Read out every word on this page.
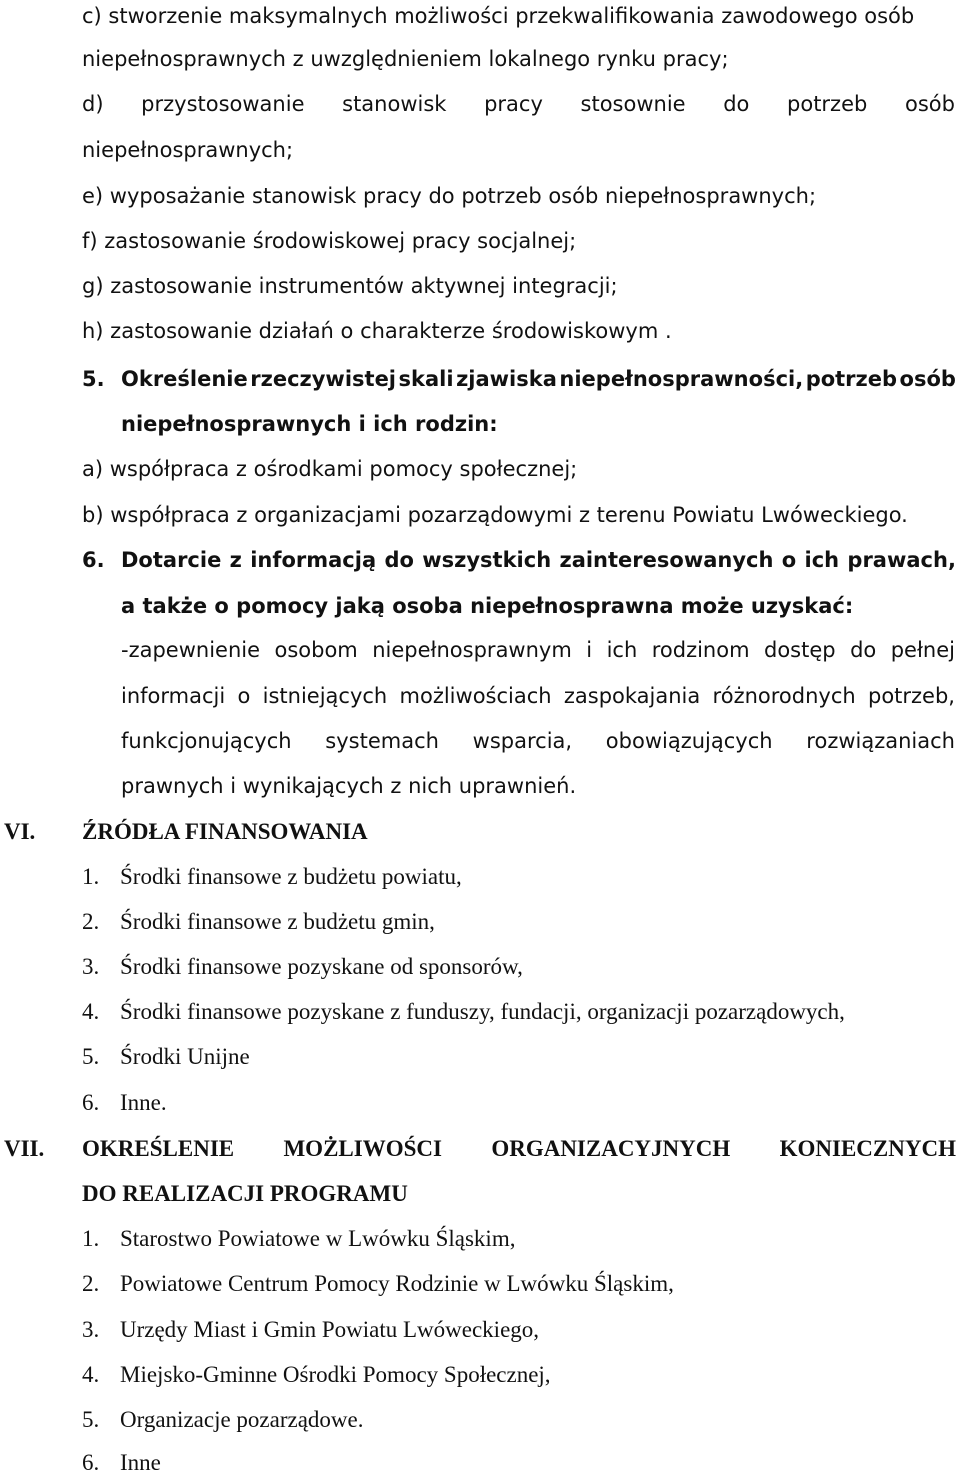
c) stworzenie maksymalnych możliwości przekwalifikowania zawodowego osób
niepełnosprawnych z uwzględnieniem lokalnego rynku pracy;
d) przystosowanie stanowisk pracy stosownie do potrzeb osób
niepełnosprawnych;
e) wyposażanie stanowisk pracy do potrzeb osób niepełnosprawnych;
f) zastosowanie środowiskowej pracy socjalnej;
g) zastosowanie instrumentów aktywnej integracji;
h) zastosowanie działań o charakterze środowiskowym .
5. Określenie rzeczywistej skali zjawiska niepełnosprawności, potrzeb osób
niepełnosprawnych i ich rodzin:
a) współpraca z ośrodkami pomocy społecznej;
b) współpraca z organizacjami pozarządowymi z terenu Powiatu Lwóweckiego.
6. Dotarcie z informacją do wszystkich zainteresowanych o ich prawach,
a także o pomocy jaką osoba niepełnosprawna może uzyskać:
-zapewnienie osobom niepełnosprawnym i ich rodzinom dostęp do pełnej
informacji o istniejących możliwościach zaspokajania różnorodnych potrzeb,
funkcjonujących systemach wsparcia, obowiązujących rozwiązaniach
prawnych i wynikających z nich uprawnień.
VI. ŹRÓDŁA FINANSOWANIA
1. Środki finansowe z budżetu powiatu,
2. Środki finansowe z budżetu gmin,
3. Środki finansowe pozyskane od sponsorów,
4. Środki finansowe pozyskane z funduszy, fundacji, organizacji pozarządowych,
5. Środki Unijne
6. Inne.
VII. OKREŚLENIE MOŻLIWOŚCI ORGANIZACYJNYCH KONIECZNYCH
DO REALIZACJI PROGRAMU
1. Starostwo Powiatowe w Lwówku Śląskim,
2. Powiatowe Centrum Pomocy Rodzinie w Lwówku Śląskim,
3. Urzędy Miast i Gmin Powiatu Lwóweckiego,
4. Miejsko-Gminne Ośrodki Pomocy Społecznej,
5. Organizacje pozarządowe.
6. Inne
